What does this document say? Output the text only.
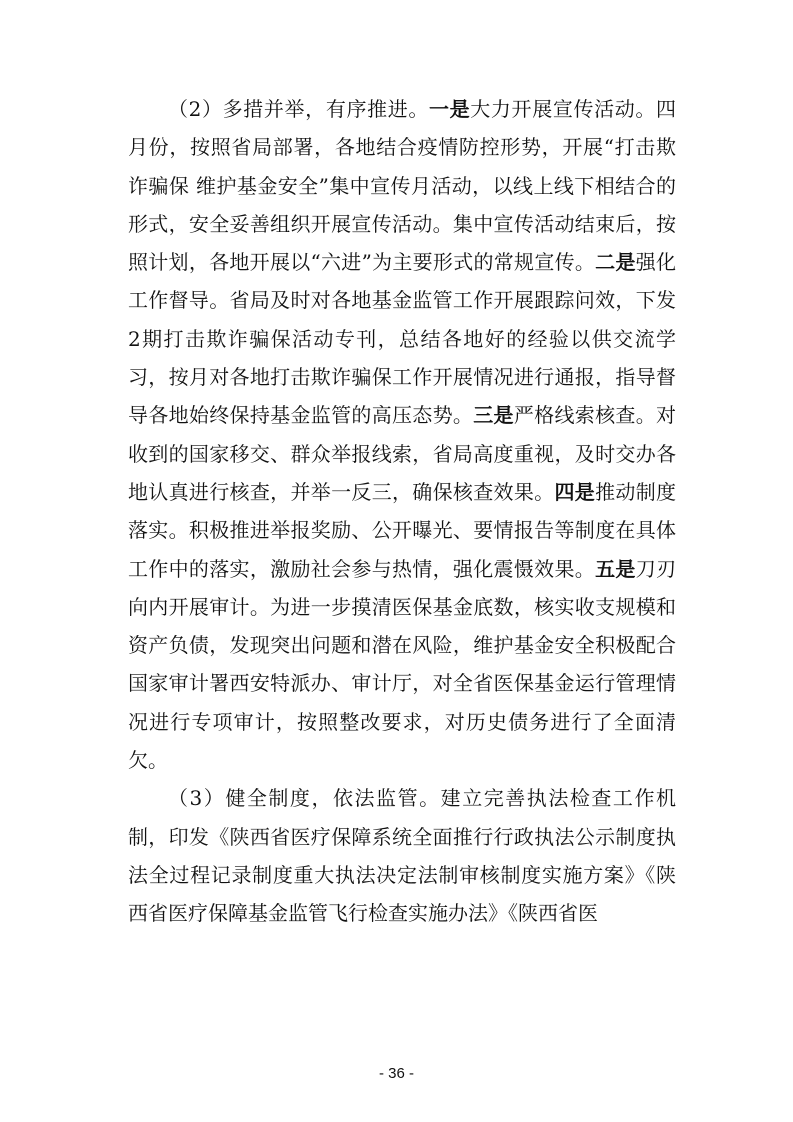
（2）多措并举，有序推进。一是大力开展宣传活动。四月份，按照省局部署，各地结合疫情防控形势，开展“打击欺诈骗保 维护基金安全”集中宣传月活动，以线上线下相结合的形式，安全妥善组织开展宣传活动。集中宣传活动结束后，按照计划，各地开展以“六进”为主要形式的常规宣传。二是强化工作督导。省局及时对各地基金监管工作开展跟踪问效，下发2期打击欺诈骗保活动专刊，总结各地好的经验以供交流学习，按月对各地打击欺诈骗保工作开展情况进行通报，指导督导各地始终保持基金监管的高压态势。三是严格线索核查。对收到的国家移交、群众举报线索，省局高度重视，及时交办各地认真进行核查，并举一反三，确保核查效果。四是推动制度落实。积极推进举报奖励、公开曝光、要情报告等制度在具体工作中的落实，激励社会参与热情，强化震慑效果。五是刀刃向内开展审计。为进一步摸清医保基金底数，核实收支规模和资产负债，发现突出问题和潜在风险，维护基金安全积极配合国家审计署西安特派办、审计厅，对全省医保基金运行管理情况进行专项审计，按照整改要求，对历史债务进行了全面清欠。

（3）健全制度，依法监管。建立完善执法检查工作机制，印发《陕西省医疗保障系统全面推行行政执法公示制度执法全过程记录制度重大执法决定法制审核制度实施方案》《陕西省医疗保障基金监管飞行检查实施办法》《陕西省医

- 36 -
